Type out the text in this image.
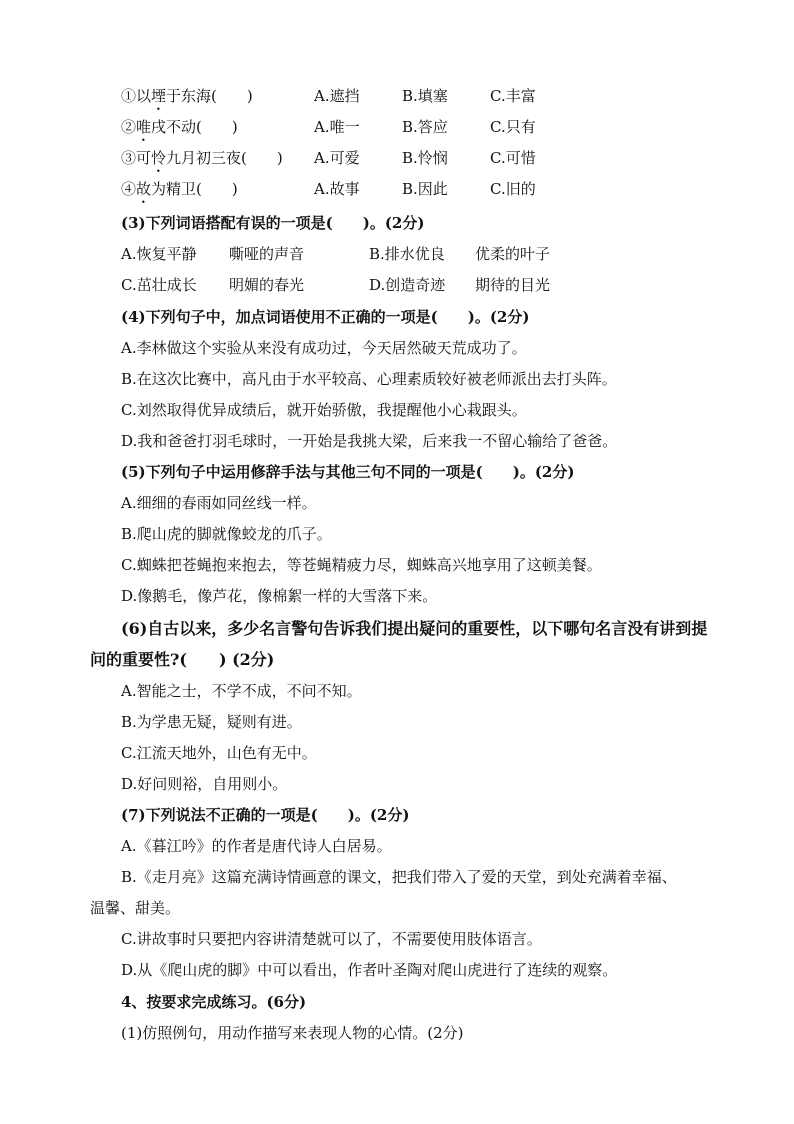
①以堙于东海(　　)	A.遮挡	B.填塞	C.丰富
②唯戌不动(　　)	A.唯一	B.答应	C.只有
③可怜九月初三夜(　　) A.可爱	B.怜悯	C.可惜
④故为精卫(　　)	A.故事	B.因此	C.旧的
(3)下列词语搭配有误的一项是(　　)。(2分)
A.恢复平静 嘶哑的声音	B.排水优良 优柔的叶子
C.茁壮成长 明媚的春光	D.创造奇迹 期待的目光
(4)下列句子中，加点词语使用不正确的一项是(　　)。(2分)
A.李林做这个实验从来没有成功过，今天居然破天荒成功了。
B.在这次比赛中，高凡由于水平较高、心理素质较好被老师派出去打头阵。
C.刘然取得优异成绩后，就开始骄傲，我提醒他小心栽跟头。
D.我和爸爸打羽毛球时，一开始是我挑大梁，后来我一不留心输给了爸爸。
(5)下列句子中运用修辞手法与其他三句不同的一项是(　　)。(2分)
A.细细的春雨如同丝线一样。
B.爬山虎的脚就像蛟龙的爪子。
C.蜘蛛把苍蝇抱来抱去，等苍蝇精疲力尽，蜘蛛高兴地享用了这顿美餐。
D.像鹅毛，像芦花，像棉絮一样的大雪落下来。
(6)自古以来，多少名言警句告诉我们提出疑问的重要性，以下哪句名言没有讲到提
问的重要性?(　　) (2分)
A.智能之士，不学不成，不问不知。
B.为学患无疑，疑则有进。
C.江流天地外，山色有无中。
D.好问则裕，自用则小。
(7)下列说法不正确的一项是(　　)。(2分)
A.《暮江吟》的作者是唐代诗人白居易。
B.《走月亮》这篇充满诗情画意的课文，把我们带入了爱的天堂，到处充满着幸福、
温馨、甜美。
C.讲故事时只要把内容讲清楚就可以了，不需要使用肢体语言。
D.从《爬山虎的脚》中可以看出，作者叶圣陶对爬山虎进行了连续的观察。
4、按要求完成练习。(6分)
(1)仿照例句，用动作描写来表现人物的心情。(2分)
